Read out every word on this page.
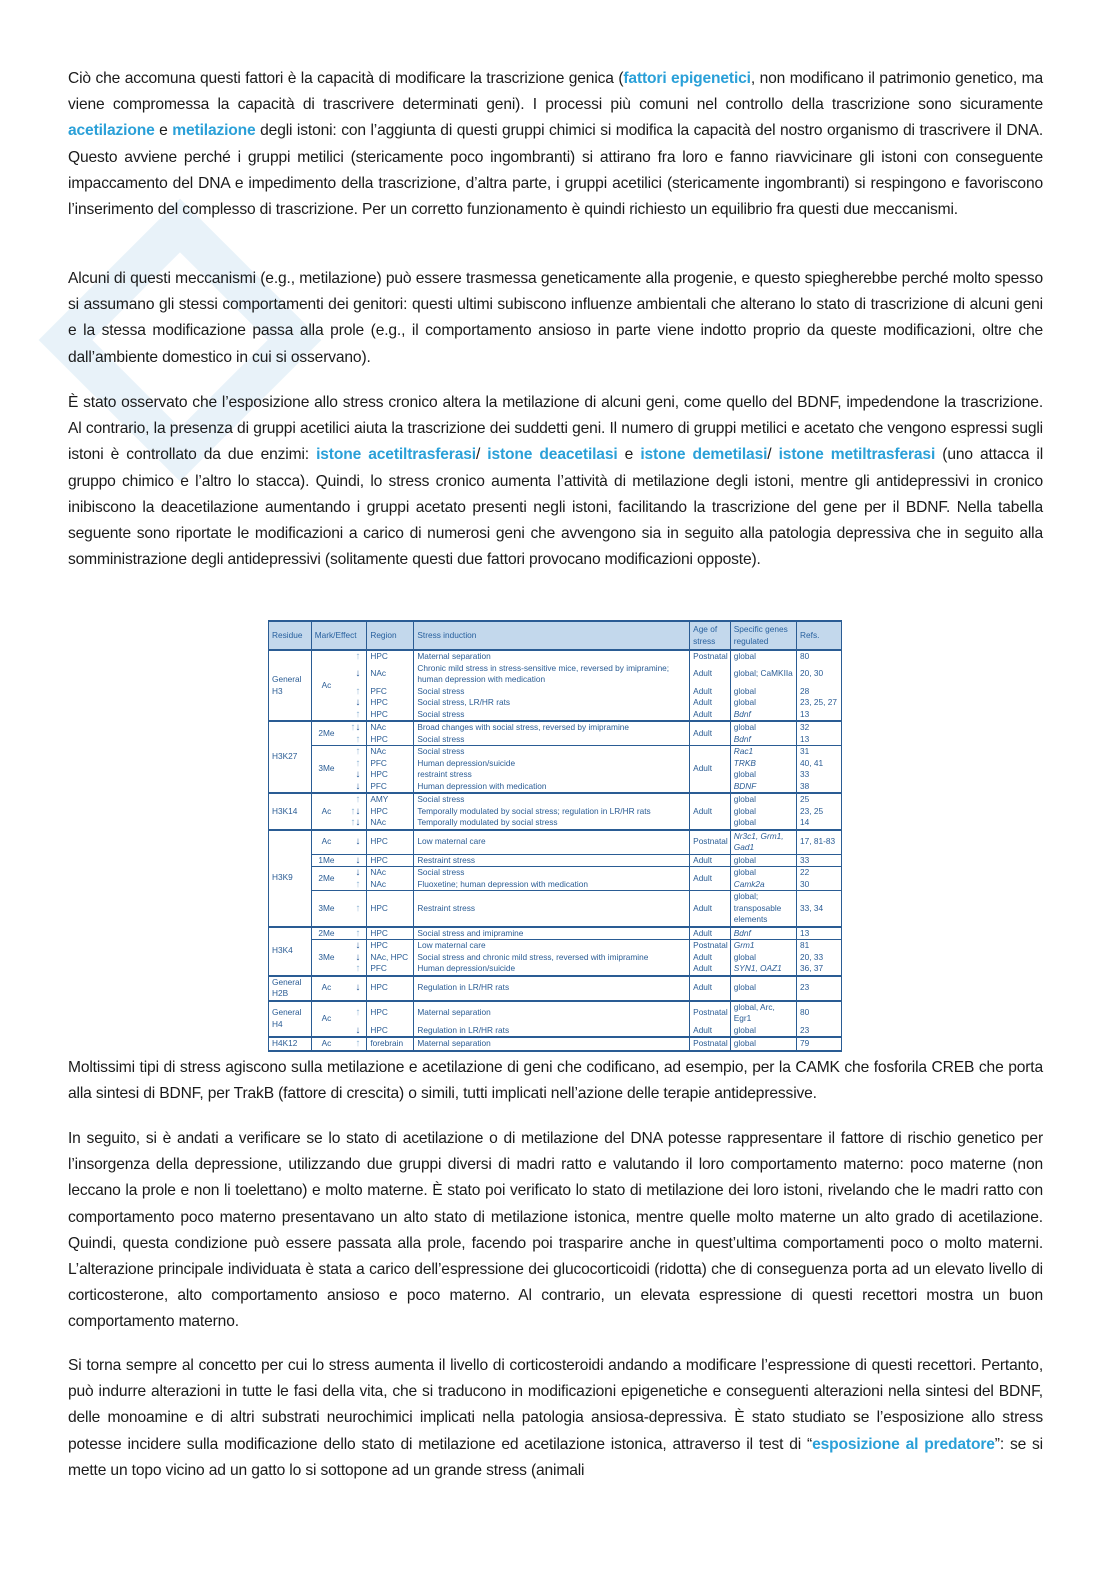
Ciò che accomuna questi fattori è la capacità di modificare la trascrizione genica (fattori epigenetici, non modificano il patrimonio genetico, ma viene compromessa la capacità di trascrivere determinati geni). I processi più comuni nel controllo della trascrizione sono sicuramente acetilazione e metilazione degli istoni: con l’aggiunta di questi gruppi chimici si modifica la capacità del nostro organismo di trascrivere il DNA. Questo avviene perché i gruppi metilici (stericamente poco ingombranti) si attirano fra loro e fanno riavvicinare gli istoni con conseguente impaccamento del DNA e impedimento della trascrizione, d’altra parte, i gruppi acetilici (stericamente ingombranti) si respingono e favoriscono l’inserimento del complesso di trascrizione. Per un corretto funzionamento è quindi richiesto un equilibrio fra questi due meccanismi.
Alcuni di questi meccanismi (e.g., metilazione) può essere trasmessa geneticamente alla progenie, e questo spiegherebbe perché molto spesso si assumano gli stessi comportamenti dei genitori: questi ultimi subiscono influenze ambientali che alterano lo stato di trascrizione di alcuni geni e la stessa modificazione passa alla prole (e.g., il comportamento ansioso in parte viene indotto proprio da queste modificazioni, oltre che dall’ambiente domestico in cui si osservano).
È stato osservato che l’esposizione allo stress cronico altera la metilazione di alcuni geni, come quello del BDNF, impedendone la trascrizione. Al contrario, la presenza di gruppi acetilici aiuta la trascrizione dei suddetti geni. Il numero di gruppi metilici e acetato che vengono espressi sugli istoni è controllato da due enzimi: istone acetiltrasferasi/ istone deacetilasi e istone demetilasi/ istone metiltrasferasi (uno attacca il gruppo chimico e l’altro lo stacca). Quindi, lo stress cronico aumenta l’attività di metilazione degli istoni, mentre gli antidepressivi in cronico inibiscono la deacetilazione aumentando i gruppi acetato presenti negli istoni, facilitando la trascrizione del gene per il BDNF. Nella tabella seguente sono riportate le modificazioni a carico di numerosi geni che avvengono sia in seguito alla patologia depressiva che in seguito alla somministrazione degli antidepressivi (solitamente questi due fattori provocano modificazioni opposte).
Residue	Mark/Effect		Region	Stress induction	Age of stress	Specific genes regulated	Refs.
General H3	Ac	↑	HPC	Maternal separation	Postnatal	global	80
		↓	NAc	Chronic mild stress in stress-sensitive mice, reversed by imipramine; human depression with medication	Adult	global; CaMKIIa	20, 30
		↑	PFC	Social stress	Adult	global	28
		↓	HPC	Social stress, LR/HR rats	Adult	global	23, 25, 27
		↑	HPC	Social stress	Adult	Bdnf	13
H3K27	2Me	↑↓	NAc	Broad changes with social stress, reversed by imipramine	Adult	global	32
		↑	HPC	Social stress		Bdnf	13
	3Me	↑	NAc	Social stress	Adult	Rac1	31
		↑	PFC	Human depression/suicide		TRKB	40, 41
		↓	HPC	restraint stress		global	33
		↓	PFC	Human depression with medication		BDNF	38
H3K14	Ac	↑	AMY	Social stress	Adult	global	25
		↑↓	HPC	Temporally modulated by social stress; regulation in LR/HR rats		global	23, 25
		↑↓	NAc	Temporally modulated by social stress		global	14
H3K9	Ac	↓	HPC	Low maternal care	Postnatal	Nr3c1, Grm1, Gad1	17, 81-83
	1Me	↓	HPC	Restraint stress	Adult	global	33
	2Me	↓	NAc	Social stress	Adult	global	22
		↑	NAc	Fluoxetine; human depression with medication		Camk2a	30
	3Me	↑	HPC	Restraint stress	Adult	global; transposable elements	33, 34
H3K4	2Me	↑	HPC	Social stress and imipramine	Adult	Bdnf	13
	3Me	↓	HPC	Low maternal care	Postnatal	Grm1	81
		↓	NAc, HPC	Social stress and chronic mild stress, reversed with imipramine	Adult	global	20, 33
		↑	PFC	Human depression/suicide	Adult	SYN1, OAZ1	36, 37
General H2B	Ac	↓	HPC	Regulation in LR/HR rats	Adult	global	23
General H4	Ac	↑	HPC	Maternal separation	Postnatal	global, Arc, Egr1	80
		↓	HPC	Regulation in LR/HR rats	Adult	global	23
H4K12	Ac	↑	forebrain	Maternal separation	Postnatal	global	79
Moltissimi tipi di stress agiscono sulla metilazione e acetilazione di geni che codificano, ad esempio, per la CAMK che fosforila CREB che porta alla sintesi di BDNF, per TrakB (fattore di crescita) o simili, tutti implicati nell’azione delle terapie antidepressive.
In seguito, si è andati a verificare se lo stato di acetilazione o di metilazione del DNA potesse rappresentare il fattore di rischio genetico per l’insorgenza della depressione, utilizzando due gruppi diversi di madri ratto e valutando il loro comportamento materno: poco materne (non leccano la prole e non li toelettano) e molto materne. È stato poi verificato lo stato di metilazione dei loro istoni, rivelando che le madri ratto con comportamento poco materno presentavano un alto stato di metilazione istonica, mentre quelle molto materne un alto grado di acetilazione. Quindi, questa condizione può essere passata alla prole, facendo poi trasparire anche in quest’ultima comportamenti poco o molto materni. L’alterazione principale individuata è stata a carico dell’espressione dei glucocorticoidi (ridotta) che di conseguenza porta ad un elevato livello di corticosterone, alto comportamento ansioso e poco materno. Al contrario, un elevata espressione di questi recettori mostra un buon comportamento materno.
Si torna sempre al concetto per cui lo stress aumenta il livello di corticosteroidi andando a modificare l’espressione di questi recettori. Pertanto, può indurre alterazioni in tutte le fasi della vita, che si traducono in modificazioni epigenetiche e conseguenti alterazioni nella sintesi del BDNF, delle monoamine e di altri substrati neurochimici implicati nella patologia ansiosa-depressiva. È stato studiato se l’esposizione allo stress potesse incidere sulla modificazione dello stato di metilazione ed acetilazione istonica, attraverso il test di “esposizione al predatore”: se si mette un topo vicino ad un gatto lo si sottopone ad un grande stress (animali
